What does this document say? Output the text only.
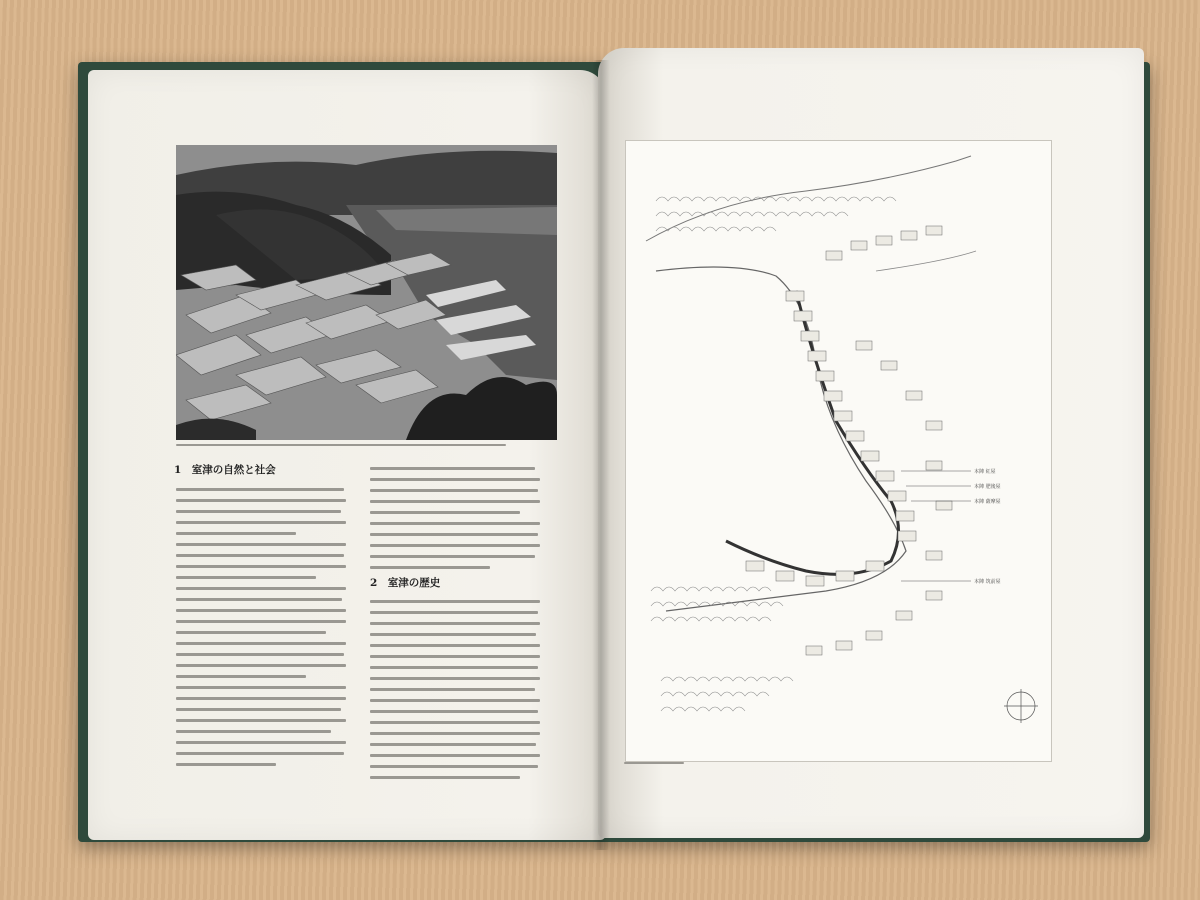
1　室津の自然と社会
2　室津の歴史
本陣 紅屋
本陣 肥後屋
本陣 薩摩屋
本陣 筑前屋
